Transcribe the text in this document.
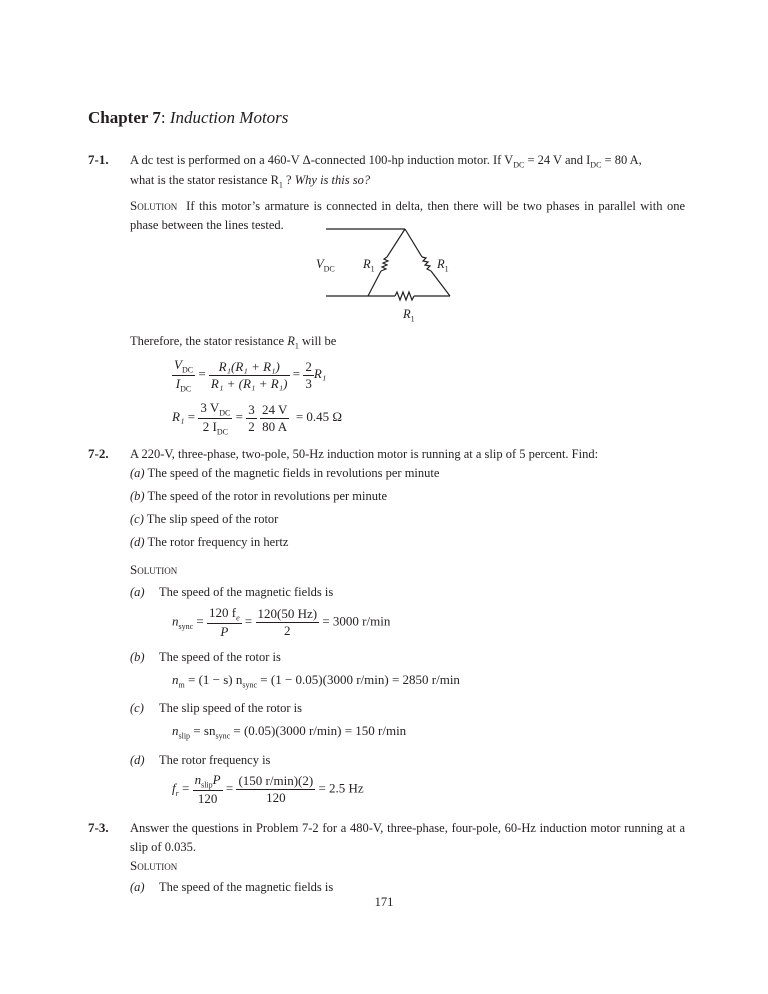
Chapter 7: Induction Motors
7-1. A dc test is performed on a 460-V Δ-connected 100-hp induction motor. If $V_{DC} = 24$ V and $I_{DC} = 80$ A,
what is the stator resistance $R_1$ ? Why is this so?
Solution If this motor’s armature is connected in delta, then there will be two phases in parallel with one phase between the lines tested.
$V_{DC}$ $R_1$	$R_1$
$R_1$
Therefore, the stator resistance $R_1$ will be
$\frac{V_{DC}}{I_{DC}} = \frac{\text{R₁(R₁ + R₁)}}{\text{R₁ + (R₁ + R₁)}} = \frac{2}{3} R_1$
$R_1 = \frac{3 V_{DC}}{2 I_{DC}} = \frac{3}{2}$
$\frac{24 V}{80 A} = 0.45$ Ω
7-2. A 220-V, three-phase, two-pole, 50-Hz induction motor is running at a slip of 5 percent. Find:
(a) The speed of the magnetic fields in revolutions per minute
(b) The speed of the rotor in revolutions per minute
(c) The slip speed of the rotor
(d) The rotor frequency in hertz
Solution
(a) The speed of the magnetic fields is
$n_{sync} = \frac{120 f_e}{P} = \frac{120(50 Hz)}{2} = 3000$ r/min
(b) The speed of the rotor is
$n_m = (1 - s) n_{sync} = (1 - 0.05)(3000$ r/min) = 2850 r/min
(c) The slip speed of the rotor is
$n_{slip} = sn_{sync} = (0.05)(3000$ r/min) = 150 r/min
(d) The rotor frequency is
$f_r = \frac{n_{slip}P}{120} = \frac{(150 r/\min)(2)}{120} = 2.5$ Hz
7-3. Answer the questions in Problem 7-2 for a 480-V, three-phase, four-pole, 60-Hz induction motor running at a slip of 0.035.
Solution
(a) The speed of the magnetic fields is
171
